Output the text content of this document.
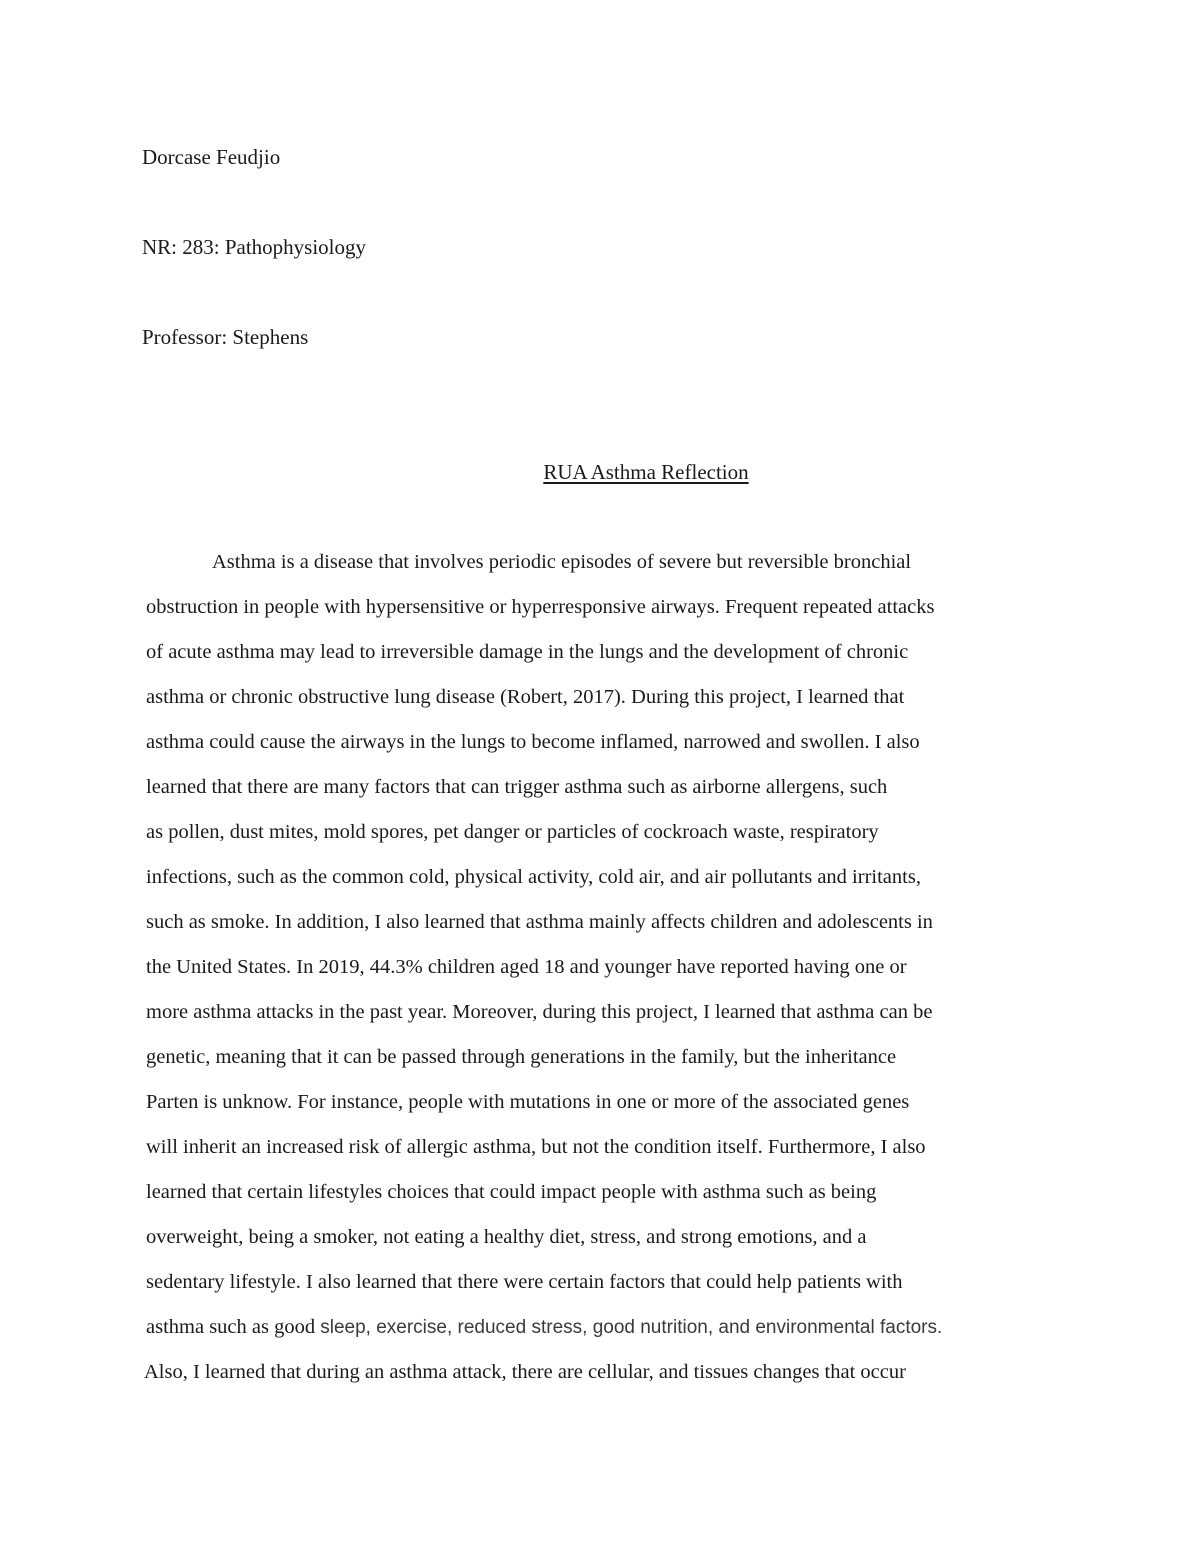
Dorcase Feudjio
NR: 283: Pathophysiology
Professor: Stephens
RUA Asthma Reflection
Asthma is a disease that involves periodic episodes of severe but reversible bronchial
obstruction in people with hypersensitive or hyperresponsive airways. Frequent repeated attacks
of acute asthma may lead to irreversible damage in the lungs and the development of chronic
asthma or chronic obstructive lung disease (Robert, 2017). During this project, I learned that
asthma could cause the airways in the lungs to become inflamed, narrowed and swollen. I also
learned that there are many factors that can trigger asthma such as airborne allergens, such
as pollen, dust mites, mold spores, pet danger or particles of cockroach waste, respiratory
infections, such as the common cold, physical activity, cold air, and air pollutants and irritants,
such as smoke. In addition, I also learned that asthma mainly affects children and adolescents in
the United States. In 2019, 44.3% children aged 18 and younger have reported having one or
more asthma attacks in the past year. Moreover, during this project, I learned that asthma can be
genetic, meaning that it can be passed through generations in the family, but the inheritance
Parten is unknow. For instance, people with mutations in one or more of the associated genes
will inherit an increased risk of allergic asthma, but not the condition itself. Furthermore, I also
learned that certain lifestyles choices that could impact people with asthma such as being
overweight, being a smoker, not eating a healthy diet, stress, and strong emotions, and a
sedentary lifestyle. I also learned that there were certain factors that could help patients with
asthma such as good sleep, exercise, reduced stress, good nutrition, and environmental factors.
Also, I learned that during an asthma attack, there are cellular, and tissues changes that occur
